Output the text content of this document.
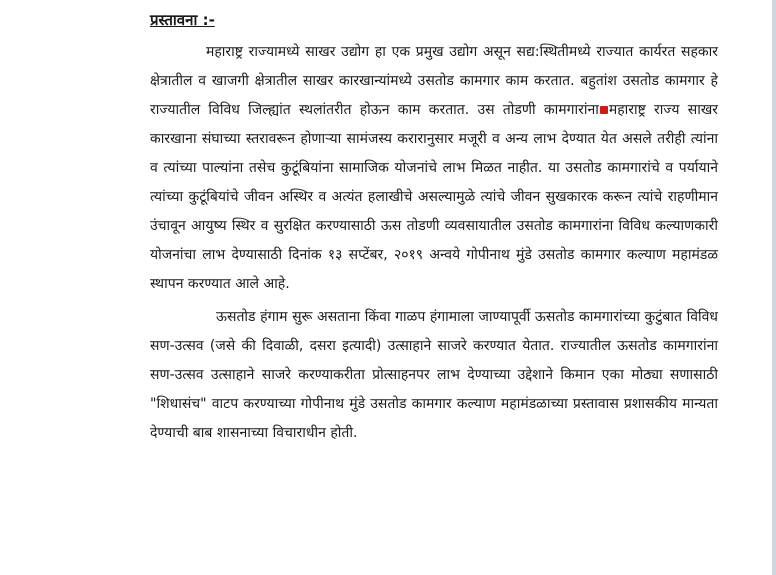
प्रस्तावना :-

महाराष्ट्र राज्यामध्ये साखर उद्योग हा एक प्रमुख उद्योग असून सद्य:स्थितीमध्ये राज्यात कार्यरत सहकार क्षेत्रातील व खाजगी क्षेत्रातील साखर कारखान्यांमध्ये उसतोड कामगार काम करतात. बहुतांश उसतोड कामगार हे राज्यातील विविध जिल्ह्यांत स्थलांतरीत होऊन काम करतात. उस तोडणी कामगारांना महाराष्ट्र राज्य साखर कारखाना संघाच्या स्तरावरून होणाऱ्या सामंजस्य करारानुसार मजूरी व अन्य लाभ देण्यात येत असले तरीही त्यांना व त्यांच्या पाल्यांना तसेच कुटूंबियांना सामाजिक योजनांचे लाभ मिळत नाहीत. या उसतोड कामगारांचे व पर्यायाने त्यांच्या कुटूंबियांचे जीवन अस्थिर व अत्यंत हलाखीचे असल्यामुळे त्यांचे जीवन सुखकारक करून त्यांचे राहणीमान उंचावून आयुष्य स्थिर व सुरक्षित करण्यासाठी ऊस तोडणी व्यवसायातील उसतोड कामगारांना विविध कल्याणकारी योजनांचा लाभ देण्यासाठी दिनांक १३ सप्टेंबर, २०१९ अन्वये गोपीनाथ मुंडे उसतोड कामगार कल्याण महामंडळ स्थापन करण्यात आले आहे.

ऊसतोड हंगाम सुरू असताना किंवा गाळप हंगामाला जाण्यापूर्वी ऊसतोड कामगारांच्या कुटुंबात विविध सण-उत्सव (जसे की दिवाळी, दसरा इत्यादी) उत्साहाने साजरे करण्यात येतात. राज्यातील ऊसतोड कामगारांना सण-उत्सव उत्साहाने साजरे करण्याकरीता प्रोत्साहनपर लाभ देण्याच्या उद्देशाने किमान एका मोठ्या सणासाठी "शिधासंच" वाटप करण्याच्या गोपीनाथ मुंडे उसतोड कामगार कल्याण महामंडळाच्या प्रस्तावास प्रशासकीय मान्यता देण्याची बाब शासनाच्या विचाराधीन होती.
